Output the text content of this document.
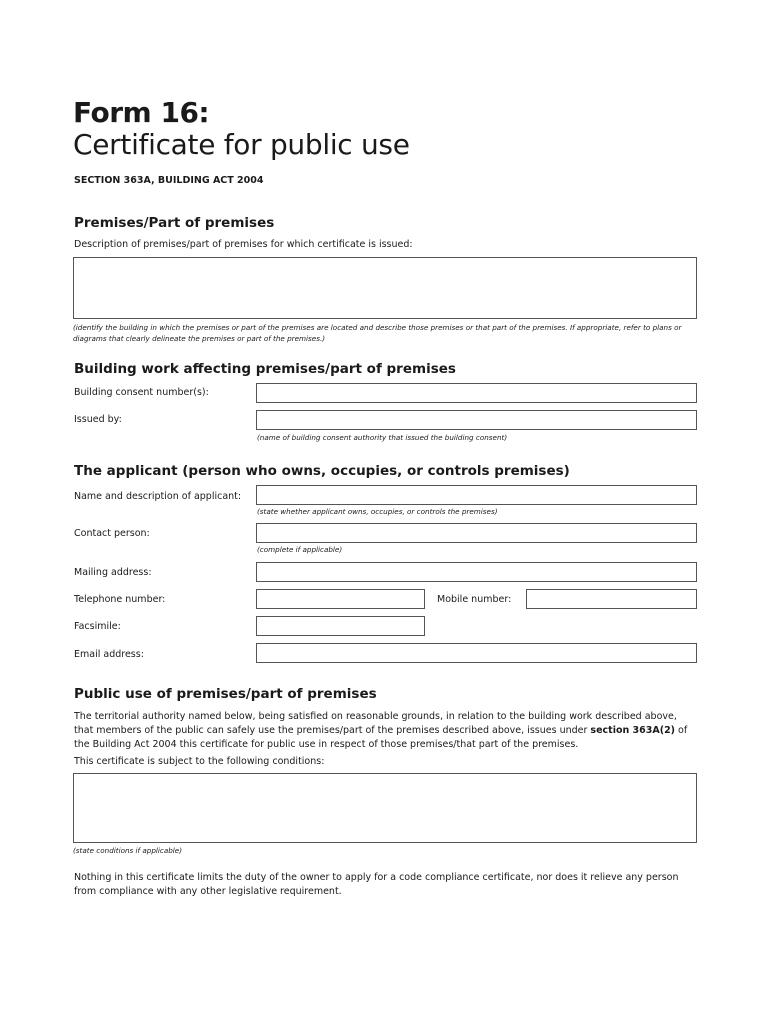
Form 16:
Certificate for public use
SECTION 363A, BUILDING ACT 2004
Premises/Part of premises
Description of premises/part of premises for which certificate is issued:
(identify the building in which the premises or part of the premises are located and describe those premises or that part of the premises. If appropriate, refer to plans or diagrams that clearly delineate the premises or part of the premises.)
Building work affecting premises/part of premises
Building consent number(s):
Issued by:
(name of building consent authority that issued the building consent)
The applicant (person who owns, occupies, or controls premises)
Name and description of applicant:
(state whether applicant owns, occupies, or controls the premises)
Contact person:
(complete if applicable)
Mailing address:
Telephone number:	Mobile number:
Facsimile:
Email address:
Public use of premises/part of premises
The territorial authority named below, being satisfied on reasonable grounds, in relation to the building work described above, that members of the public can safely use the premises/part of the premises described above, issues under section 363A(2) of the Building Act 2004 this certificate for public use in respect of those premises/that part of the premises.
This certificate is subject to the following conditions:
(state conditions if applicable)
Nothing in this certificate limits the duty of the owner to apply for a code compliance certificate, nor does it relieve any person from compliance with any other legislative requirement.
